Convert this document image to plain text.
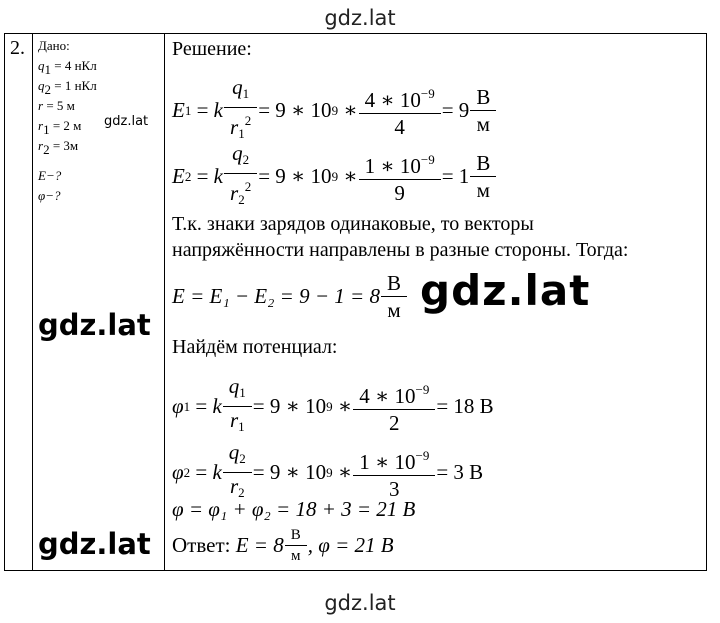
gdz.lat
2. Дано:
$q_1 = 4$ нКл
$q_2 = 1$ нКл
r = 5 м
$r_1 = 2$ м
$r_2 = 3м$
E−?
φ−?
gdz.lat
gdz.lat
gdz.lat
Решение:
E 1 = k $\frac{q_1}{r_1^2} = 9$ ∗ 10 9 ∗ $\frac{4 ∗ 10^{-9}}{4} = 9 \frac{В}{м}$
E 2 = k $\frac{q_2}{r_2^2} = 9$ ∗ 10 9 ∗ $\frac{1 ∗ 10^{-9}}{9} = 1 \frac{В}{м}$
Т.к. знаки зарядов одинаковые, то векторы
напряжённости направлены в разные стороны. Тогда:
$E = E_1 - E_2 = 9 - 1 = 8 \frac{В}{м} gdz.lat$
Найдём потенциал:
φ 1 = k $\frac{q_1}{r_1} = 9$ ∗ 10 9 ∗ $\frac{4 ∗ 10^{-9}}{2} = 18$ В
φ 2 = k $\frac{q_2}{r_2} = 9$ ∗ 10 9 ∗ $\frac{1 ∗ 10^{-9}}{3} = 3$ В
φ = φ₁ + φ₂ = 18 + 3 = 21 В
Ответ:
$E = 8 \frac{В}{м}$ , φ = 21 В
gdz.lat
